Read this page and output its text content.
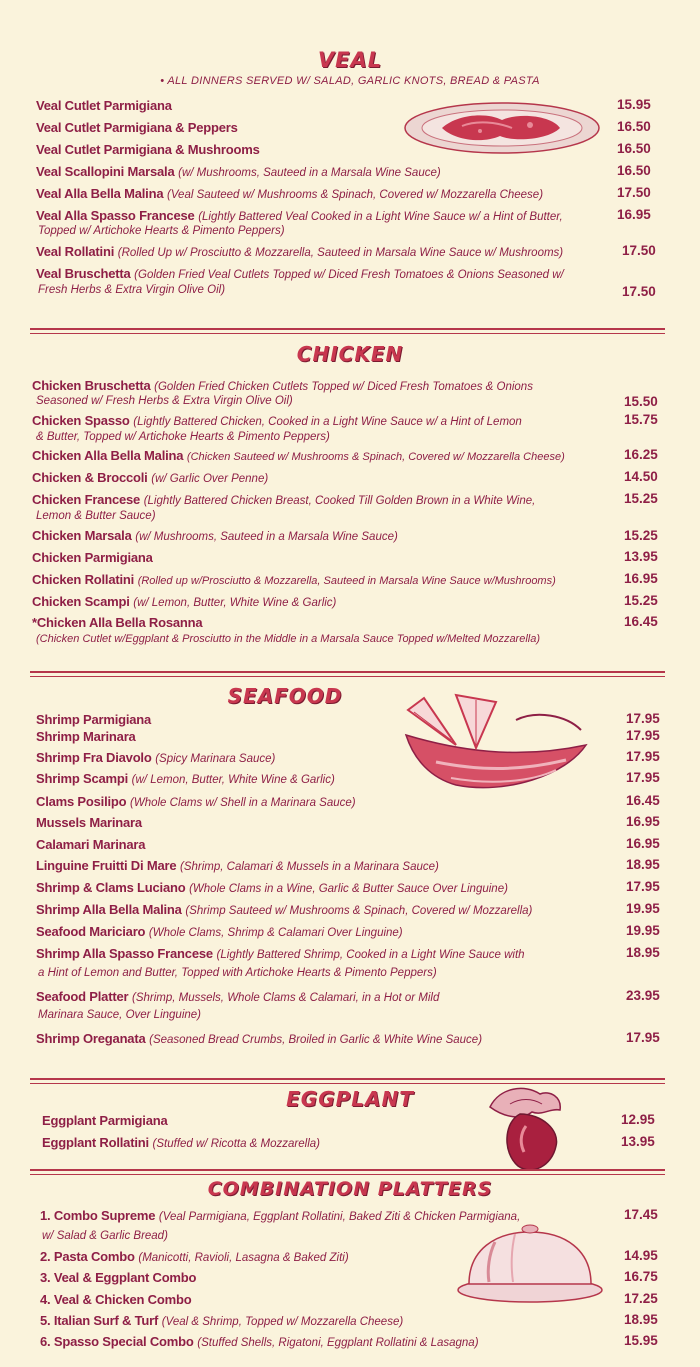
VEAL
• ALL DINNERS SERVED W/ SALAD, GARLIC KNOTS, BREAD & PASTA
Veal Cutlet Parmigiana	15.95
Veal Cutlet Parmigiana & Peppers	16.50
Veal Cutlet Parmigiana & Mushrooms	16.50
Veal Scallopini Marsala (w/ Mushrooms, Sauteed in a Marsala Wine Sauce)	16.50
Veal Alla Bella Malina (Veal Sauteed w/ Mushrooms & Spinach, Covered w/ Mozzarella Cheese)	17.50
Veal Alla Spasso Francese (Lightly Battered Veal Cooked in a Light Wine Sauce w/ a Hint of Butter,
Topped w/ Artichoke Hearts & Pimento Peppers)
16.95
Veal Rollatini (Rolled Up w/ Prosciutto & Mozzarella, Sauteed in Marsala Wine Sauce w/ Mushrooms)	17.50
Veal Bruschetta (Golden Fried Veal Cutlets Topped w/ Diced Fresh Tomatoes & Onions Seasoned w/
Fresh Herbs & Extra Virgin Olive Oil)	17.50
CHICKEN
Chicken Bruschetta (Golden Fried Chicken Cutlets Topped w/ Diced Fresh Tomatoes & Onions
Seasoned w/ Fresh Herbs & Extra Virgin Olive Oil)	15.50
Chicken Spasso (Lightly Battered Chicken, Cooked in a Light Wine Sauce w/ a Hint of Lemon
& Butter, Topped w/ Artichoke Hearts & Pimento Peppers)
15.75
Chicken Alla Bella Malina (Chicken Sauteed w/ Mushrooms & Spinach, Covered w/ Mozzarella Cheese)	16.25
Chicken & Broccoli (w/ Garlic Over Penne)	14.50
Chicken Francese (Lightly Battered Chicken Breast, Cooked Till Golden Brown in a White Wine,
Lemon & Butter Sauce)
15.25
Chicken Marsala (w/ Mushrooms, Sauteed in a Marsala Wine Sauce)	15.25
Chicken Parmigiana	13.95
Chicken Rollatini (Rolled up w/Prosciutto & Mozzarella, Sauteed in Marsala Wine Sauce w/Mushrooms)	16.95
Chicken Scampi (w/ Lemon, Butter, White Wine & Garlic)	15.25
*Chicken Alla Bella Rosanna
(Chicken Cutlet w/Eggplant & Prosciutto in the Middle in a Marsala Sauce Topped w/Melted Mozzarella)
16.45
SEAFOOD
Shrimp Parmigiana	17.95
Shrimp Marinara	17.95
Shrimp Fra Diavolo (Spicy Marinara Sauce)	17.95
Shrimp Scampi (w/ Lemon, Butter, White Wine & Garlic)	17.95
Clams Posilipo (Whole Clams w/ Shell in a Marinara Sauce)	16.45
Mussels Marinara	16.95
Calamari Marinara	16.95
Linguine Fruitti Di Mare (Shrimp, Calamari & Mussels in a Marinara Sauce)	18.95
Shrimp & Clams Luciano (Whole Clams in a Wine, Garlic & Butter Sauce Over Linguine)	17.95
Shrimp Alla Bella Malina (Shrimp Sauteed w/ Mushrooms & Spinach, Covered w/ Mozzarella)	19.95
Seafood Mariciaro (Whole Clams, Shrimp & Calamari Over Linguine)	19.95
Shrimp Alla Spasso Francese (Lightly Battered Shrimp, Cooked in a Light Wine Sauce with
a Hint of Lemon and Butter, Topped with Artichoke Hearts & Pimento Peppers)
18.95
Seafood Platter (Shrimp, Mussels, Whole Clams & Calamari, in a Hot or Mild
Marinara Sauce, Over Linguine)
23.95
Shrimp Oreganata (Seasoned Bread Crumbs, Broiled in Garlic & White Wine Sauce)	17.95
EGGPLANT
Eggplant Parmigiana	12.95
Eggplant Rollatini (Stuffed w/ Ricotta & Mozzarella)	13.95
COMBINATION PLATTERS
1. Combo Supreme (Veal Parmigiana, Eggplant Rollatini, Baked Ziti & Chicken Parmigiana,
w/ Salad & Garlic Bread)
17.45
2. Pasta Combo (Manicotti, Ravioli, Lasagna & Baked Ziti)	14.95
3. Veal & Eggplant Combo	16.75
4. Veal & Chicken Combo	17.25
5. Italian Surf & Turf (Veal & Shrimp, Topped w/ Mozzarella Cheese)	18.95
6. Spasso Special Combo (Stuffed Shells, Rigatoni, Eggplant Rollatini & Lasagna)	15.95
